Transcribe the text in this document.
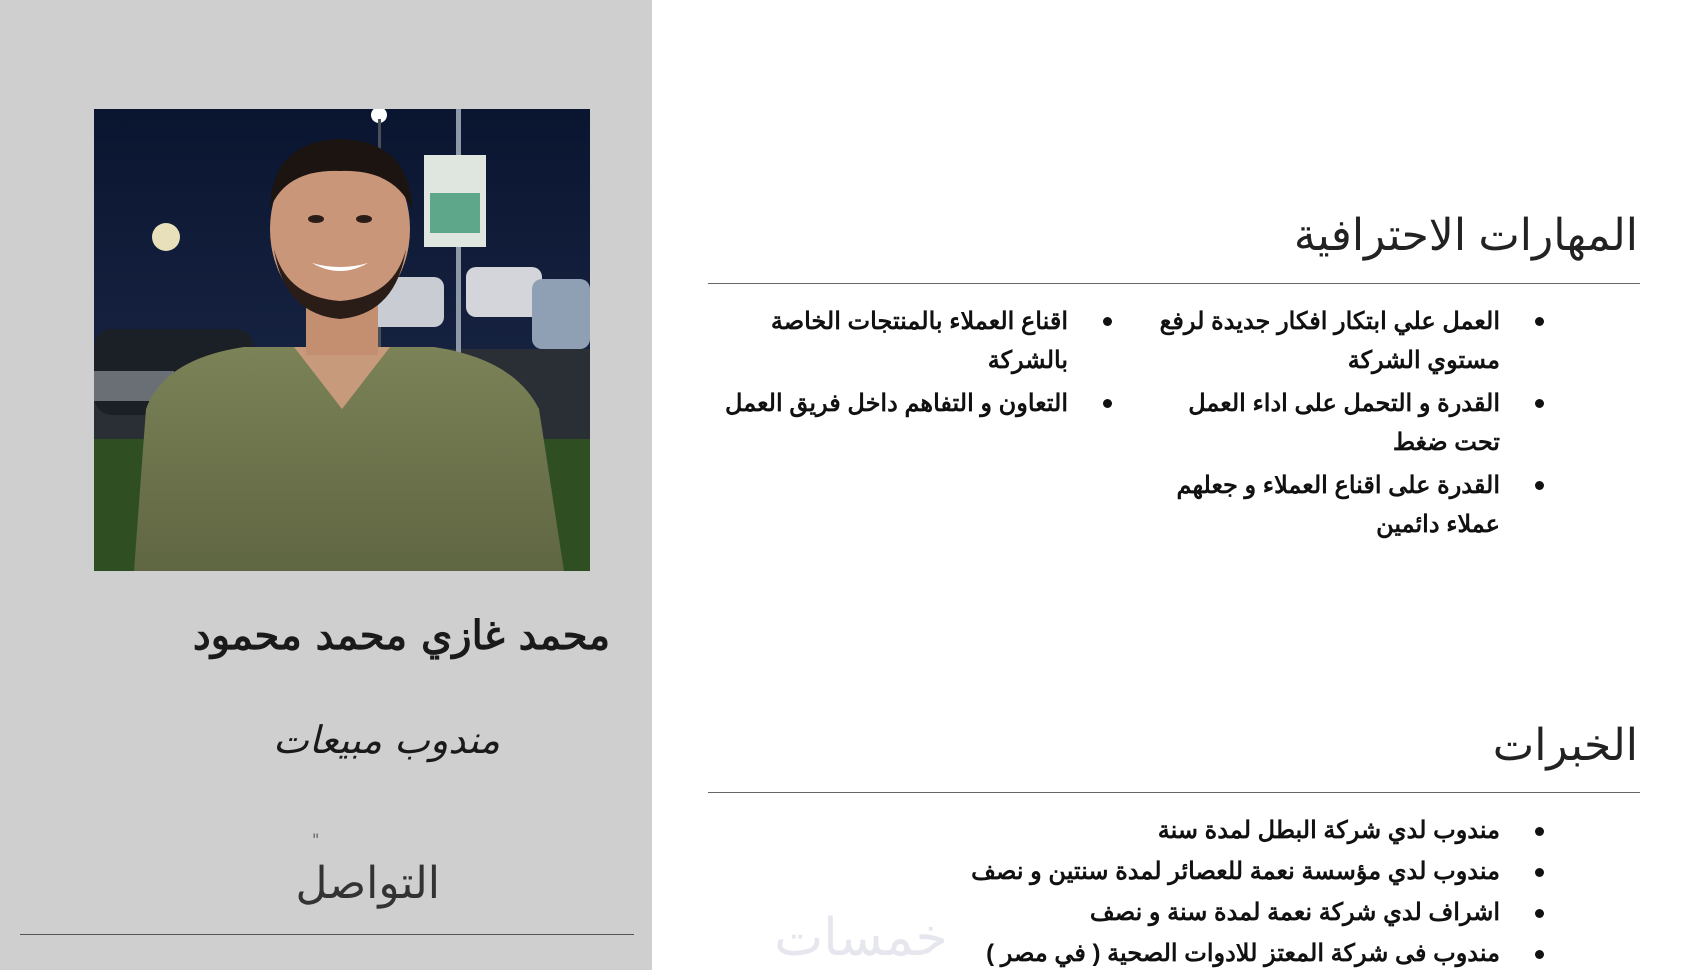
محمد غازي محمد محمود
مندوب مبيعات
"
التواصل
المهارات الاحترافية
العمل علي ابتكار افكار جديدة لرفع مستوي الشركة
القدرة و التحمل على اداء العمل تحت ضغط
القدرة على اقناع العملاء و جعلهم عملاء دائمين
اقناع العملاء بالمنتجات الخاصة بالشركة
التعاون و التفاهم داخل فريق العمل
الخبرات
مندوب لدي شركة البطل لمدة سنة
مندوب لدي مؤسسة نعمة للعصائر لمدة سنتين و نصف
اشراف لدي شركة نعمة لمدة سنة و نصف
مندوب فى شركة المعتز للادوات الصحية ( في مصر )
خمسات
